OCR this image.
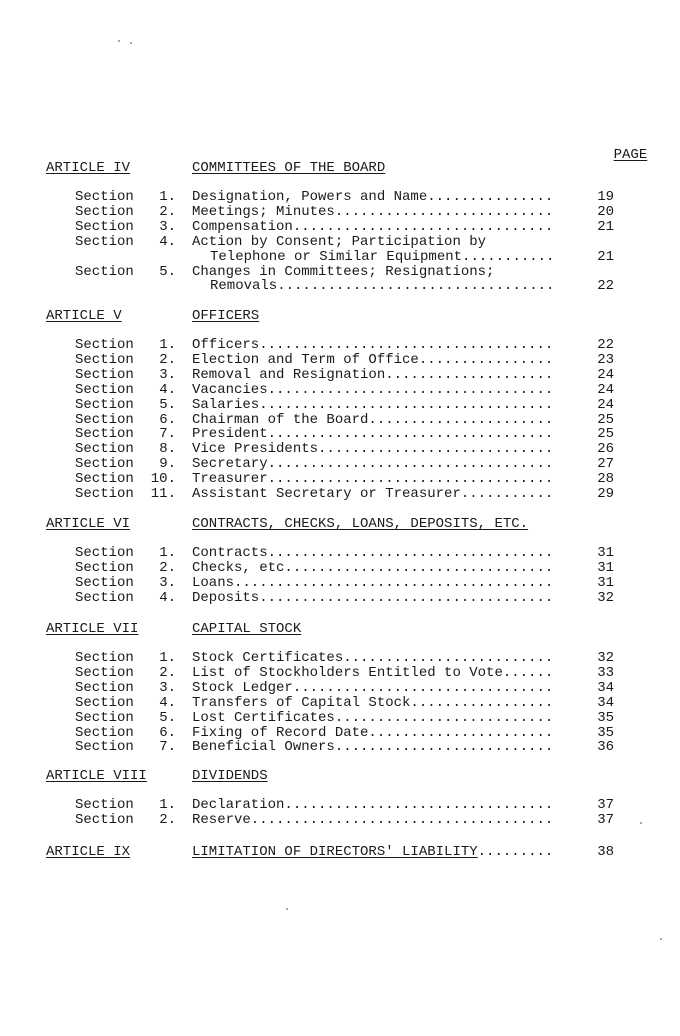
PAGE

ARTICLE IV	COMMITTEES OF THE BOARD
Section	1. Designation, Powers and Name...............	19
Section	2. Meetings; Minutes..........................	20
Section	3. Compensation...............................	21
Section	4. Action by Consent; Participation by
Telephone or Similar Equipment...........	21
Section	5. Changes in Committees; Resignations;
Removals.................................	22
ARTICLE V	OFFICERS
Section	1. Officers...................................	22
Section	2. Election and Term of Office................	23
Section	3. Removal and Resignation....................	24
Section	4. Vacancies..................................	24
Section	5. Salaries...................................	24
Section	6. Chairman of the Board......................	25
Section	7. President..................................	25
Section	8. Vice Presidents............................	26
Section	9. Secretary..................................	27
Section 10. Treasurer..................................	28
Section 11. Assistant Secretary or Treasurer...........	29
ARTICLE VI	CONTRACTS, CHECKS, LOANS, DEPOSITS, ETC.
Section	1. Contracts..................................	31
Section	2. Checks, etc................................	31
Section	3. Loans......................................	31
Section	4. Deposits...................................	32
ARTICLE VII	CAPITAL STOCK
Section	1. Stock Certificates.........................	32
Section	2. List of Stockholders Entitled to Vote......	33
Section	3. Stock Ledger...............................	34
Section	4. Transfers of Capital Stock.................	34
Section	5. Lost Certificates..........................	35
Section	6. Fixing of Record Date......................	35
Section	7. Beneficial Owners..........................	36
ARTICLE VIII	DIVIDENDS
Section	1. Declaration................................	37
Section	2. Reserve....................................	37
ARTICLE IX	LIMITATION OF DIRECTORS' LIABILITY.........	38
